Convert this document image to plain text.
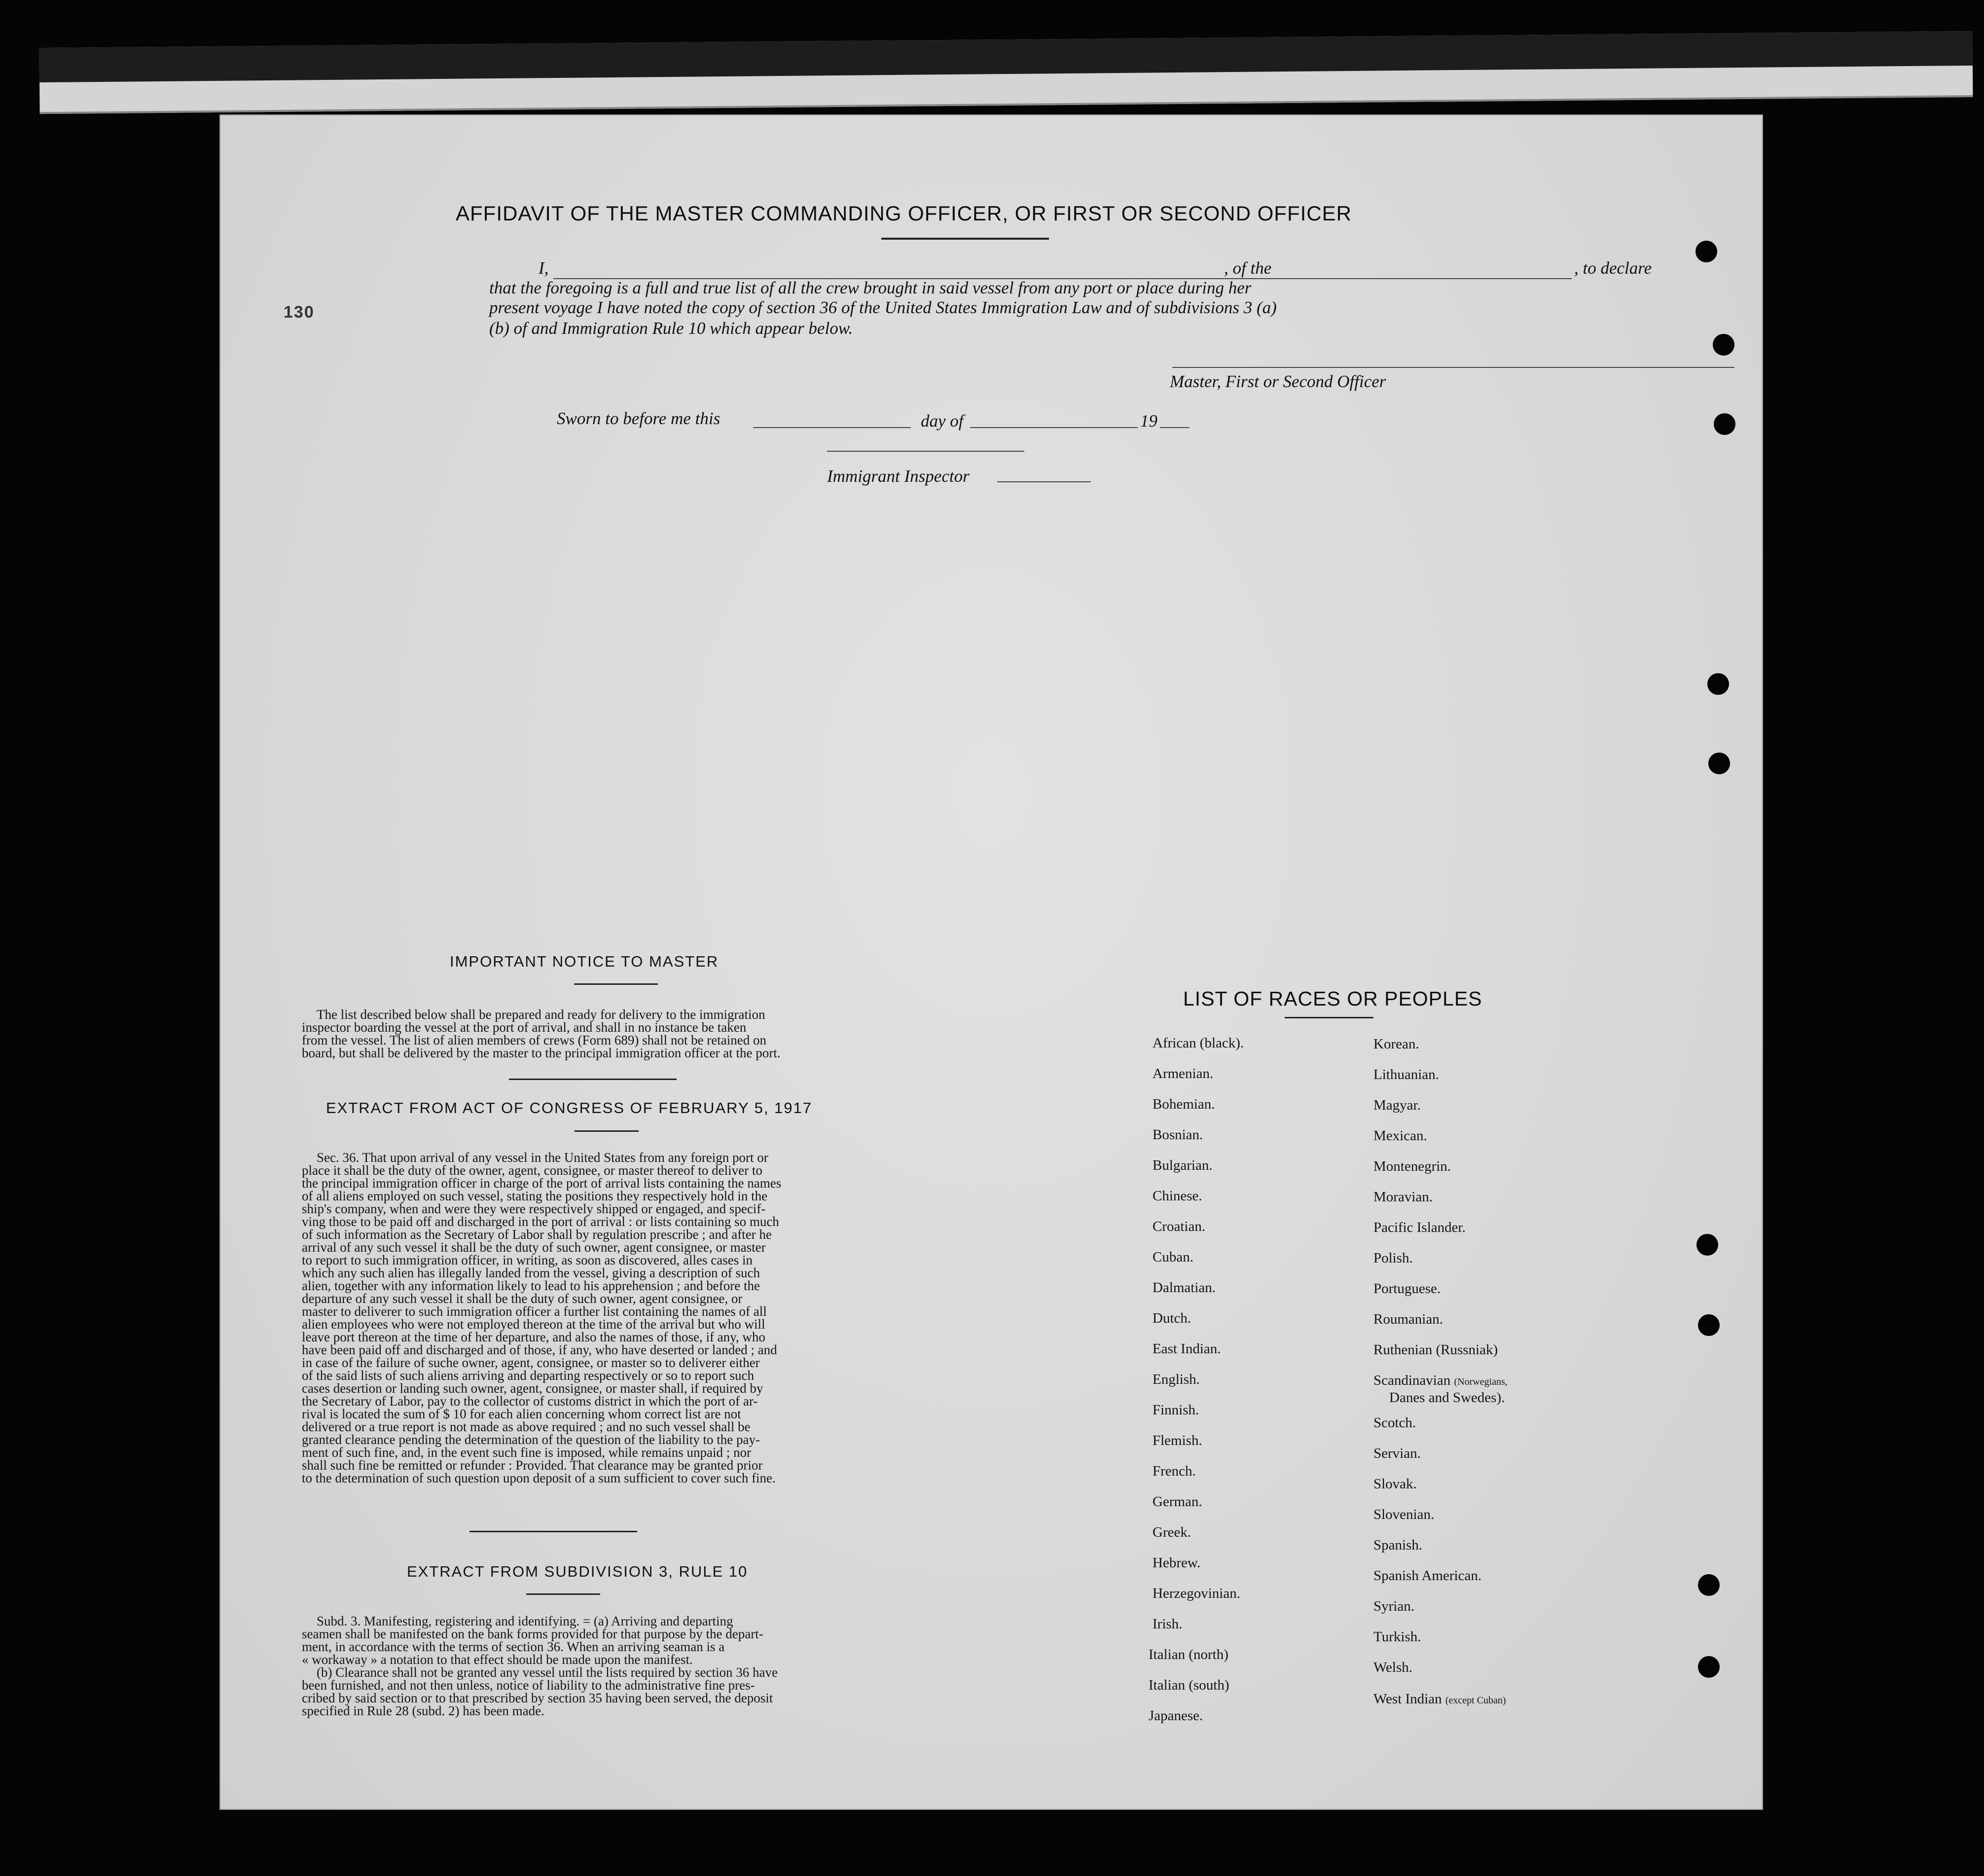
130
AFFIDAVIT OF THE MASTER COMMANDING OFFICER, OR FIRST OR SECOND OFFICER
I,	, of the	, to declare
that the foregoing is a full and true list of all the crew brought in said vessel from any port or place during her
present voyage I have noted the copy of section 36 of the United States Immigration Law and of subdivisions 3 (a)
(b) of and Immigration Rule 10 which appear below.
Master, First or Second Officer
Sworn to before me this	day of	19
Immigrant Inspector
IMPORTANT NOTICE TO MASTER
The list described below shall be prepared and ready for delivery to the immigration
inspector boarding the vessel at the port of arrival, and shall in no instance be taken
from the vessel. The list of alien members of crews (Form 689) shall not be retained on
board, but shall be delivered by the master to the principal immigration officer at the port.
EXTRACT FROM ACT OF CONGRESS OF FEBRUARY 5, 1917
Sec. 36. That upon arrival of any vessel in the United States from any foreign port or
place it shall be the duty of the owner, agent, consignee, or master thereof to deliver to
the principal immigration officer in charge of the port of arrival lists containing the names
of all aliens employed on such vessel, stating the positions they respectively hold in the
ship's company, when and were they were respectively shipped or engaged, and specif-
ving those to be paid off and discharged in the port of arrival : or lists containing so much
of such information as the Secretary of Labor shall by regulation prescribe ; and after he
arrival of any such vessel it shall be the duty of such owner, agent consignee, or master
to report to such immigration officer, in writing, as soon as discovered, alles cases in
which any such alien has illegally landed from the vessel, giving a description of such
alien, together with any information likely to lead to his apprehension ; and before the
departure of any such vessel it shall be the duty of such owner, agent consignee, or
master to deliverer to such immigration officer a further list containing the names of all
alien employees who were not employed thereon at the time of the arrival but who will
leave port thereon at the time of her departure, and also the names of those, if any, who
have been paid off and discharged and of those, if any, who have deserted or landed ; and
in case of the failure of suche owner, agent, consignee, or master so to deliverer either
of the said lists of such aliens arriving and departing respectively or so to report such
cases desertion or landing such owner, agent, consignee, or master shall, if required by
the Secretary of Labor, pay to the collector of customs district in which the port of ar-
rival is located the sum of $ 10 for each alien concerning whom correct list are not
delivered or a true report is not made as above required ; and no such vessel shall be
granted clearance pending the determination of the question of the liability to the pay-
ment of such fine, and, in the event such fine is imposed, while remains unpaid ; nor
shall such fine be remitted or refunder : Provided. That clearance may be granted prior
to the determination of such question upon deposit of a sum sufficient to cover such fine.
EXTRACT FROM SUBDIVISION 3, RULE 10
Subd. 3. Manifesting, registering and identifying. = (a) Arriving and departing
seamen shall be manifested on the bank forms provided for that purpose by the depart-
ment, in accordance with the terms of section 36. When an arriving seaman is a
« workaway » a notation to that effect should be made upon the manifest.
(b) Clearance shall not be granted any vessel until the lists required by section 36 have
been furnished, and not then unless, notice of liability to the administrative fine pres-
cribed by said section or to that prescribed by section 35 having been served, the deposit
specified in Rule 28 (subd. 2) has been made.
LIST OF RACES OR PEOPLES
African (black).
Armenian.
Bohemian.
Bosnian.
Bulgarian.
Chinese.
Croatian.
Cuban.
Dalmatian.
Dutch.
East Indian.
English.
Finnish.
Flemish.
French.
German.
Greek.
Hebrew.
Herzegovinian.
Irish.
Italian (north)
Italian (south)
Japanese.
Korean.
Lithuanian.
Magyar.
Mexican.
Montenegrin.
Moravian.
Pacific Islander.
Polish.
Portuguese.
Roumanian.
Ruthenian (Russniak)
Scandinavian (Norwegians,
Danes and Swedes).
Scotch.
Servian.
Slovak.
Slovenian.
Spanish.
Spanish American.
Syrian.
Turkish.
Welsh.
West Indian (except Cuban)
